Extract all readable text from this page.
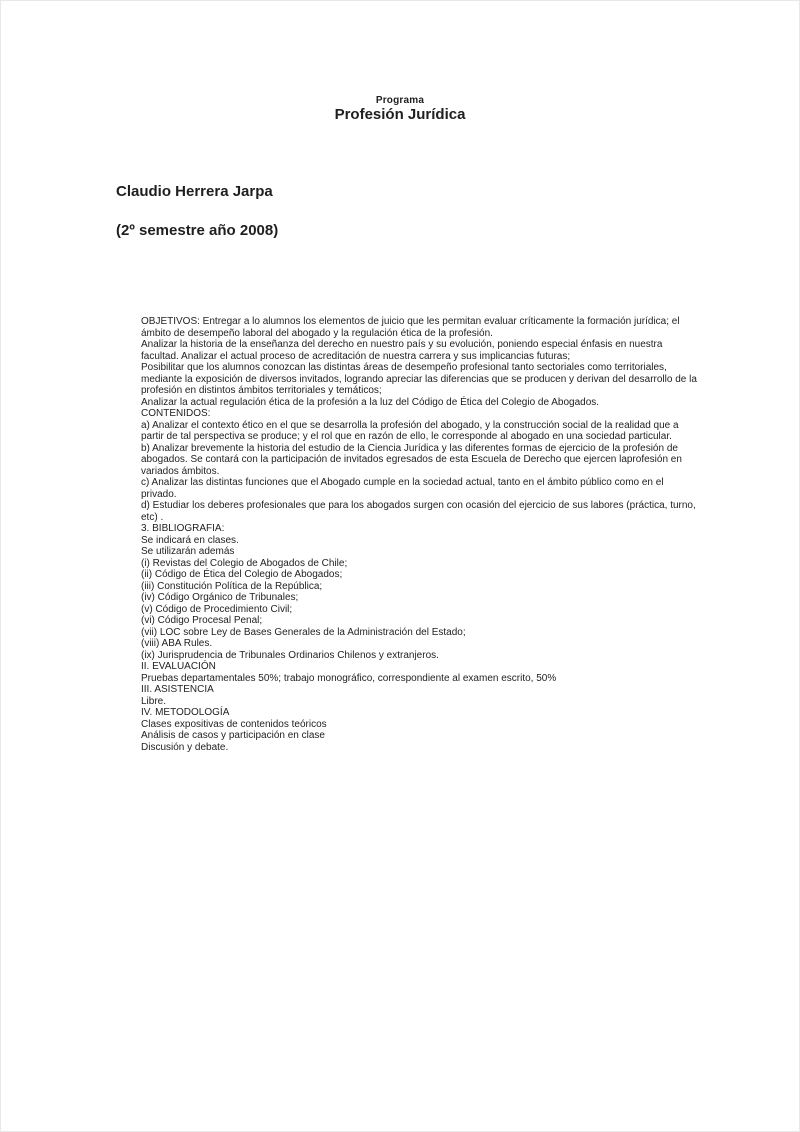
Programa
Profesión Jurídica
Claudio Herrera Jarpa
(2º semestre año 2008)

OBJETIVOS: Entregar a lo alumnos los elementos de juicio que les permitan evaluar críticamente la formación jurídica; el ámbito de desempeño laboral del abogado y la regulación ética de la profesión.

Analizar la historia de la enseñanza del derecho en nuestro país y su evolución, poniendo especial énfasis en nuestra facultad. Analizar el actual proceso de acreditación de nuestra carrera y sus implicancias futuras;

Posibilitar que los alumnos conozcan las distintas áreas de desempeño profesional tanto sectoriales como territoriales, mediante la exposición de diversos invitados, logrando apreciar las diferencias que se producen y derivan del desarrollo de la profesión en distintos ámbitos territoriales y temáticos;

Analizar la actual regulación ética de la profesión a la luz del Código de Ética del Colegio de Abogados.

CONTENIDOS:

a) Analizar el contexto ético en el que se desarrolla la profesión del abogado, y la construcción social de la realidad que a partir de tal perspectiva se produce; y el rol que en razón de ello, le corresponde al abogado en una sociedad particular.

b) Analizar brevemente la historia del estudio de la Ciencia Jurídica y las diferentes formas de ejercicio de la profesión de abogados. Se contará con la participación de invitados egresados de esta Escuela de Derecho que ejercen laprofesión en variados ámbitos.

c) Analizar las distintas funciones que el Abogado cumple en la sociedad actual, tanto en el ámbito público como en el privado.

d) Estudiar los deberes profesionales que para los abogados surgen con ocasión del ejercicio de sus labores (práctica, turno, etc) .

3. BIBLIOGRAFIA:
Se indicará en clases.
Se utilizarán además
(i) Revistas del Colegio de Abogados de Chile;
(ii) Código de Ética del Colegio de Abogados;
(iii) Constitución Política de la República;
(iv) Código Orgánico de Tribunales;
(v) Código de Procedimiento Civil;
(vi) Código Procesal Penal;
(vii) LOC sobre Ley de Bases Generales de la Administración del Estado;
(viii) ABA Rules.
(ix) Jurisprudencia de Tribunales Ordinarios Chilenos y extranjeros.
II. EVALUACIÓN
Pruebas departamentales 50%; trabajo monográfico, correspondiente al examen escrito, 50%
III. ASISTENCIA
Libre.
IV. METODOLOGÍA
Clases expositivas de contenidos teóricos
Análisis de casos y participación en clase
Discusión y debate.
